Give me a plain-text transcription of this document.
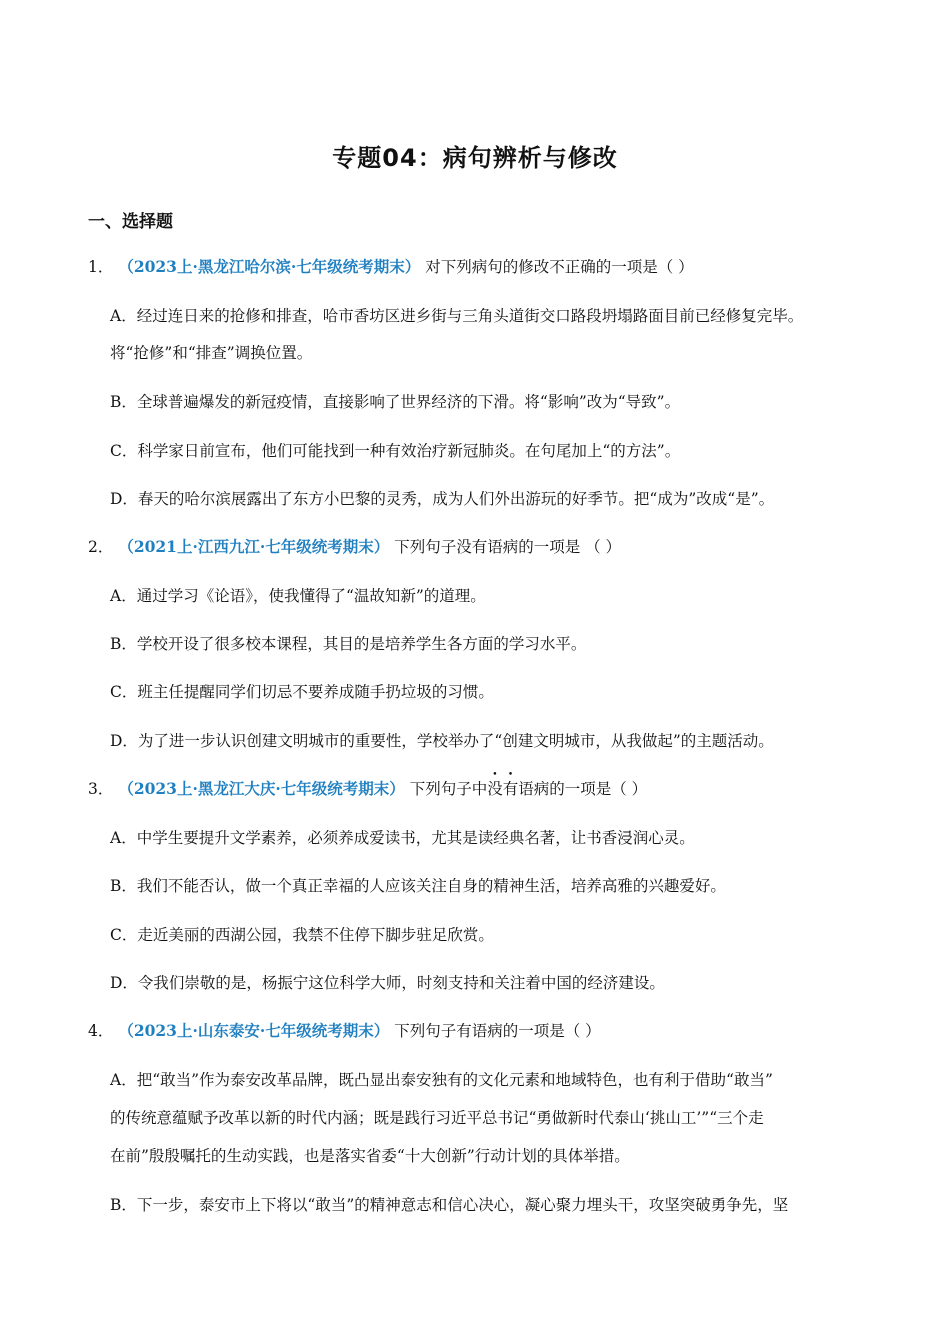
专题04：病句辨析与修改
一、选择题
1． （2023上·黑龙江哈尔滨·七年级统考期末） 对下列病句的修改不正确的一项是（ ）
A．经过连日来的抢修和排查，哈市香坊区进乡街与三角头道街交口路段坍塌路面目前已经修复完毕。
将“抢修”和“排查”调换位置。
B．全球普遍爆发的新冠疫情，直接影响了世界经济的下滑。将“影响”改为“导致”。
C．科学家日前宣布，他们可能找到一种有效治疗新冠肺炎。在句尾加上“的方法”。
D．春天的哈尔滨展露出了东方小巴黎的灵秀，成为人们外出游玩的好季节。把“成为”改成“是”。
2． （2021上·江西九江·七年级统考期末） 下列句子没有语病的一项是 （ ）
A．通过学习《论语》，使我懂得了“温故知新”的道理。
B．学校开设了很多校本课程，其目的是培养学生各方面的学习水平。
C．班主任提醒同学们切忌不要养成随手扔垃圾的习惯。
D．为了进一步认识创建文明城市的重要性，学校举办了“创建文明城市，从我做起”的主题活动。
3． （2023上·黑龙江大庆·七年级统考期末） 下列句子中没有语病的一项是（ ）
A．中学生要提升文学素养，必须养成爱读书，尤其是读经典名著，让书香浸润心灵。
B．我们不能否认，做一个真正幸福的人应该关注自身的精神生活，培养高雅的兴趣爱好。
C．走近美丽的西湖公园，我禁不住停下脚步驻足欣赏。
D．令我们崇敬的是，杨振宁这位科学大师，时刻支持和关注着中国的经济建设。
4． （2023上·山东泰安·七年级统考期末） 下列句子有语病的一项是（ ）
A．把“敢当”作为泰安改革品牌，既凸显出泰安独有的文化元素和地域特色，也有利于借助“敢当”
的传统意蕴赋予改革以新的时代内涵；既是践行习近平总书记“勇做新时代泰山‘挑山工’”“三个走
在前”殷殷嘱托的生动实践，也是落实省委“十大创新”行动计划的具体举措。
B．下一步，泰安市上下将以“敢当”的精神意志和信心决心，凝心聚力埋头干，攻坚突破勇争先，坚
